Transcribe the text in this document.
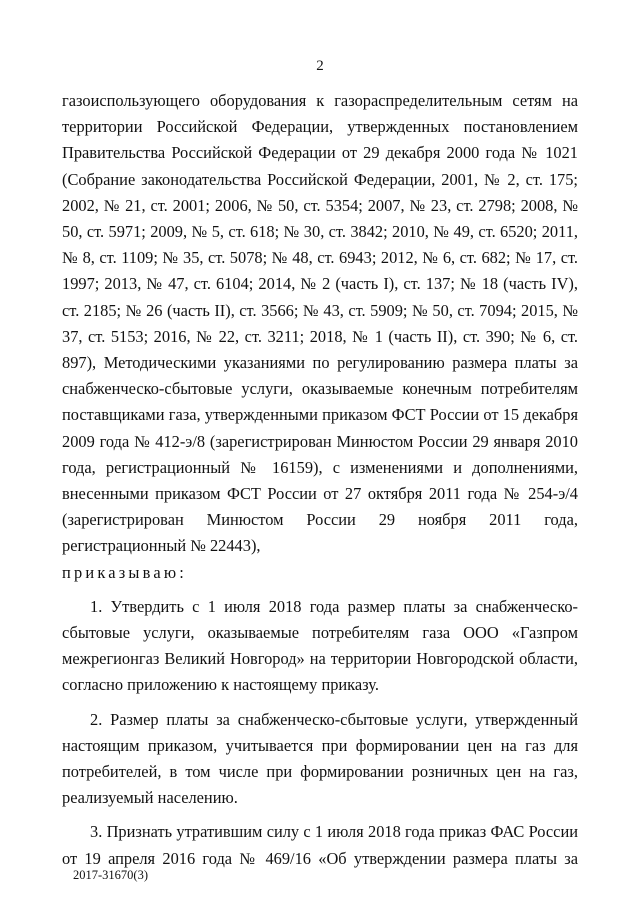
2

газоиспользующего оборудования к газораспределительным сетям на территории Российской Федерации, утвержденных постановлением Правительства Российской Федерации от 29 декабря 2000 года № 1021 (Собрание законодательства Российской Федерации, 2001, № 2, ст. 175; 2002, № 21, ст. 2001; 2006, № 50, ст. 5354; 2007, № 23, ст. 2798; 2008, № 50, ст. 5971; 2009, № 5, ст. 618; № 30, ст. 3842; 2010, № 49, ст. 6520; 2011, № 8, ст. 1109; № 35, ст. 5078; № 48, ст. 6943; 2012, № 6, ст. 682; № 17, ст. 1997; 2013, № 47, ст. 6104; 2014, № 2 (часть I), ст. 137; № 18 (часть IV), ст. 2185; № 26 (часть II), ст. 3566; № 43, ст. 5909; № 50, ст. 7094; 2015, № 37, ст. 5153; 2016, № 22, ст. 3211; 2018, № 1 (часть II), ст. 390; № 6, ст. 897), Методическими указаниями по регулированию размера платы за снабженческо-сбытовые услуги, оказываемые конечным потребителям поставщиками газа, утвержденными приказом ФСТ России от 15 декабря 2009 года № 412-э/8 (зарегистрирован Минюстом России 29 января 2010 года, регистрационный № 16159), с изменениями и дополнениями, внесенными приказом ФСТ России от 27 октября 2011 года № 254-э/4 (зарегистрирован Минюстом России 29 ноября 2011 года, регистрационный № 22443),

приказываю:

1. Утвердить с 1 июля 2018 года размер платы за снабженческо-сбытовые услуги, оказываемые потребителям газа ООО «Газпром межрегионгаз Великий Новгород» на территории Новгородской области, согласно приложению к настоящему приказу.

2. Размер платы за снабженческо-сбытовые услуги, утвержденный настоящим приказом, учитывается при формировании цен на газ для потребителей, в том числе при формировании розничных цен на газ, реализуемый населению.

3. Признать утратившим силу с 1 июля 2018 года приказ ФАС России от 19 апреля 2016 года № 469/16 «Об утверждении размера платы за

2017-31670(3)
